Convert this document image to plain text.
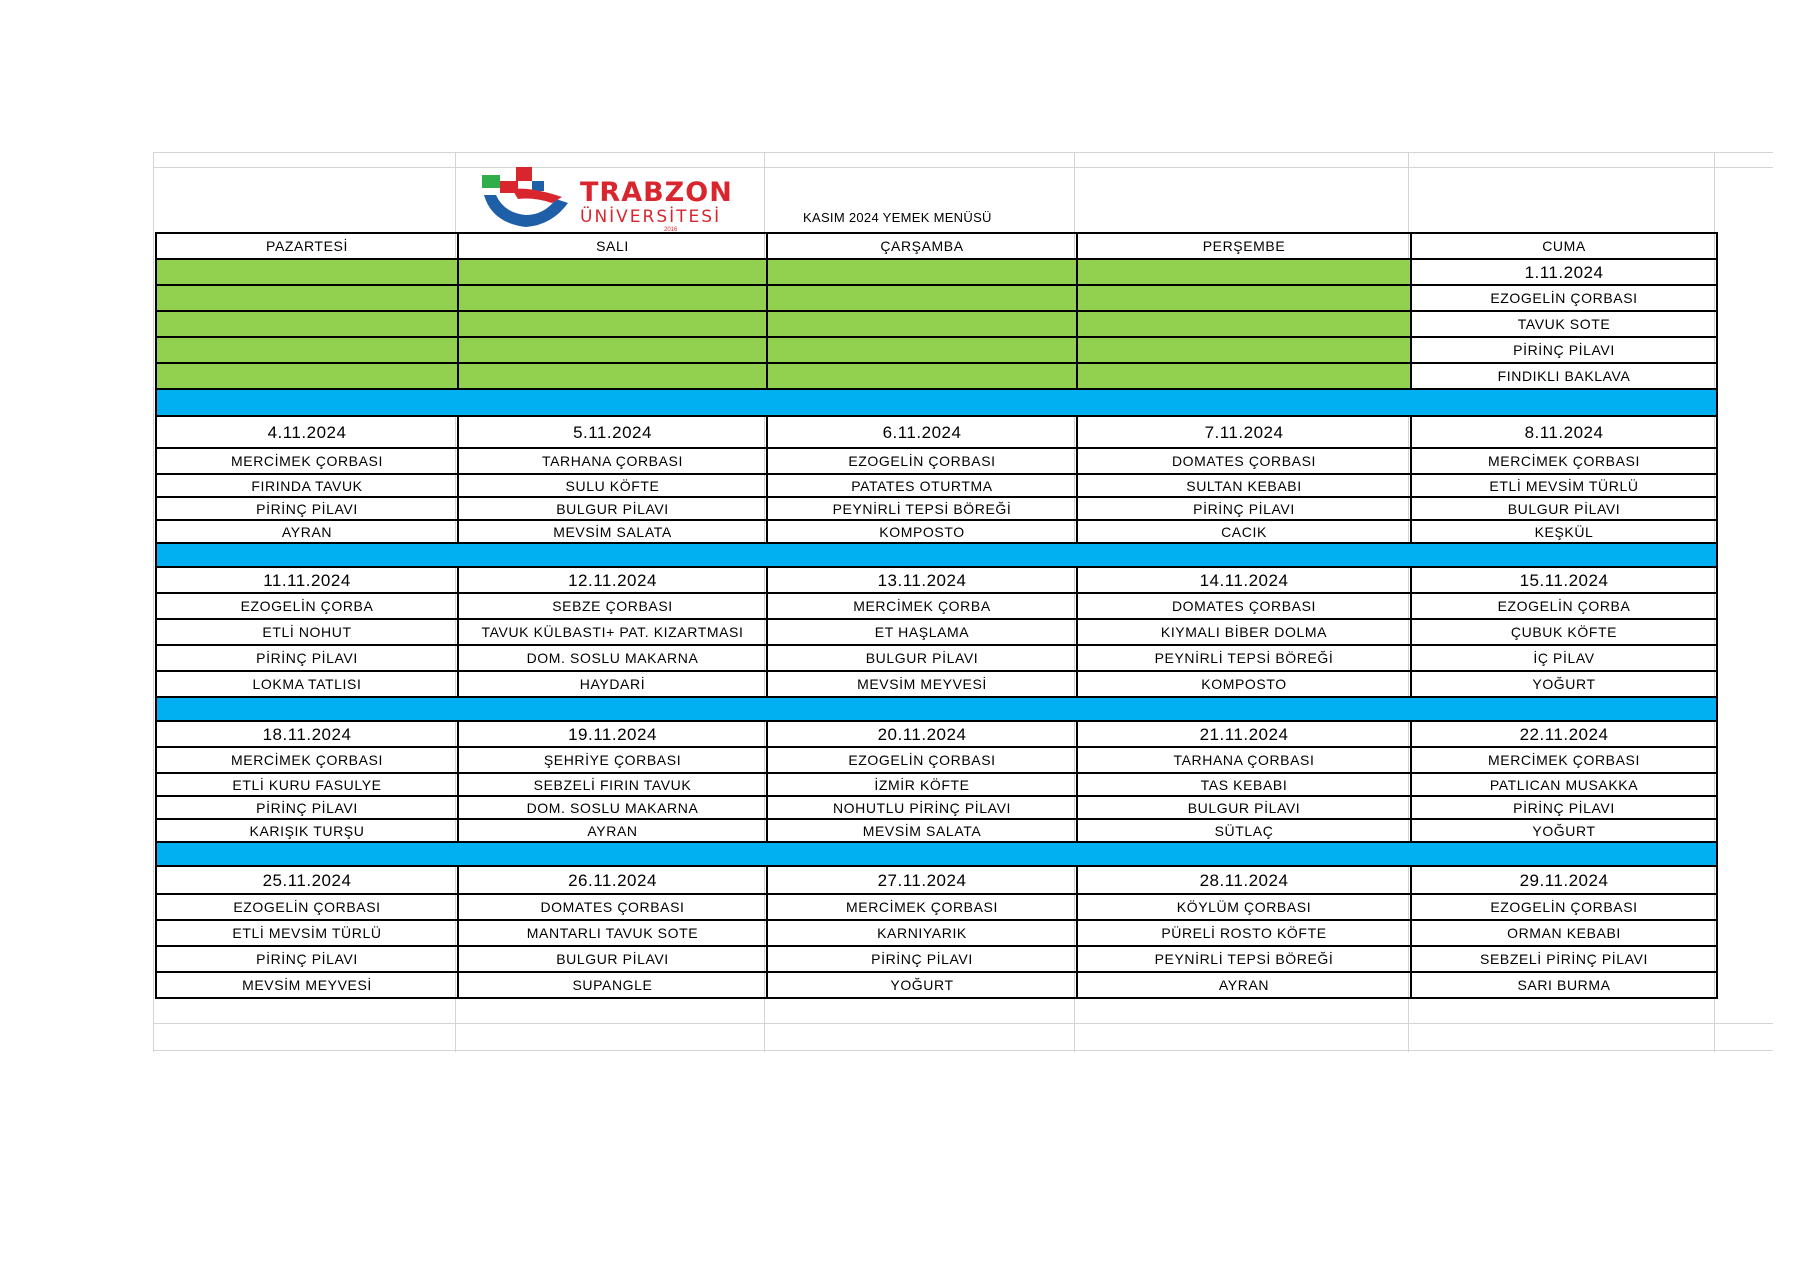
TRABZON
ÜNİVERSİTESİ
2016
KASIM 2024 YEMEK MENÜSÜ
PAZARTESİ	SALI	ÇARŞAMBA	PERŞEMBE	CUMA
				1.11.2024
				EZOGELİN ÇORBASI
				TAVUK SOTE
				PİRİNÇ PİLAVI
				FINDIKLI BAKLAVA

4.11.2024	5.11.2024	6.11.2024	7.11.2024	8.11.2024
MERCİMEK ÇORBASI	TARHANA ÇORBASI	EZOGELİN ÇORBASI	DOMATES ÇORBASI	MERCİMEK ÇORBASI
FIRINDA TAVUK	SULU KÖFTE	PATATES OTURTMA	SULTAN KEBABI	ETLİ MEVSİM TÜRLÜ
PİRİNÇ PİLAVI	BULGUR PİLAVI	PEYNİRLİ TEPSİ BÖREĞİ	PİRİNÇ PİLAVI	BULGUR PİLAVI
AYRAN	MEVSİM SALATA	KOMPOSTO	CACIK	KEŞKÜL

11.11.2024	12.11.2024	13.11.2024	14.11.2024	15.11.2024
EZOGELİN ÇORBA	SEBZE ÇORBASI	MERCİMEK ÇORBA	DOMATES ÇORBASI	EZOGELİN ÇORBA
ETLİ NOHUT	TAVUK KÜLBASTI+ PAT. KIZARTMASI	ET HAŞLAMA	KIYMALI BİBER DOLMA	ÇUBUK KÖFTE
PİRİNÇ PİLAVI	DOM. SOSLU MAKARNA	BULGUR PİLAVI	PEYNİRLİ TEPSİ BÖREĞİ	İÇ PİLAV
LOKMA TATLISI	HAYDARİ	MEVSİM MEYVESİ	KOMPOSTO	YOĞURT

18.11.2024	19.11.2024	20.11.2024	21.11.2024	22.11.2024
MERCİMEK ÇORBASI	ŞEHRİYE ÇORBASI	EZOGELİN ÇORBASI	TARHANA ÇORBASI	MERCİMEK ÇORBASI
ETLİ KURU FASULYE	SEBZELİ FIRIN TAVUK	İZMİR KÖFTE	TAS KEBABI	PATLICAN MUSAKKA
PİRİNÇ PİLAVI	DOM. SOSLU MAKARNA	NOHUTLU PİRİNÇ PİLAVI	BULGUR PİLAVI	PİRİNÇ PİLAVI
KARIŞIK TURŞU	AYRAN	MEVSİM SALATA	SÜTLAÇ	YOĞURT

25.11.2024	26.11.2024	27.11.2024	28.11.2024	29.11.2024
EZOGELİN ÇORBASI	DOMATES ÇORBASI	MERCİMEK ÇORBASI	KÖYLÜM ÇORBASI	EZOGELİN ÇORBASI
ETLİ MEVSİM TÜRLÜ	MANTARLI TAVUK SOTE	KARNIYARIK	PÜRELİ ROSTO KÖFTE	ORMAN KEBABI
PİRİNÇ PİLAVI	BULGUR PİLAVI	PİRİNÇ PİLAVI	PEYNİRLİ TEPSİ BÖREĞİ	SEBZELİ PİRİNÇ PİLAVI
MEVSİM MEYVESİ	SUPANGLE	YOĞURT	AYRAN	SARI BURMA
